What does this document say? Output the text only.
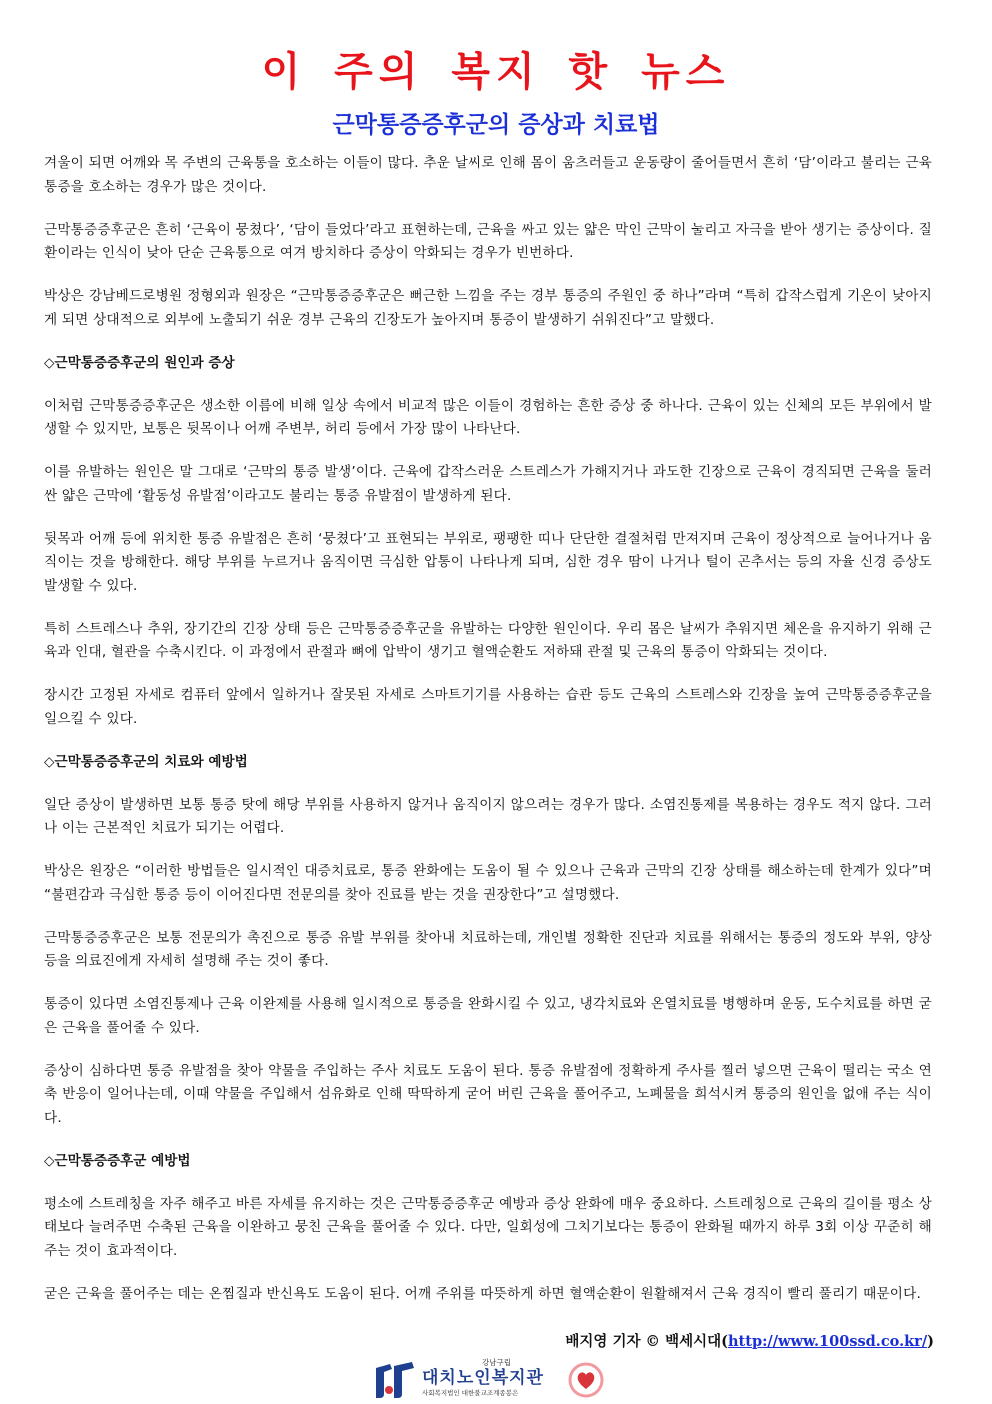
이 주의 복지 핫 뉴스
근막통증증후군의 증상과 치료법

겨울이 되면 어깨와 목 주변의 근육통을 호소하는 이들이 많다. 추운 날씨로 인해 몸이 움츠러들고 운동량이 줄어들면서 흔히 ‘담’이라고 불리는 근육 통증을 호소하는 경우가 많은 것이다.

근막통증증후군은 흔히 ‘근육이 뭉쳤다’, ‘담이 들었다’라고 표현하는데, 근육을 싸고 있는 얇은 막인 근막이 눌리고 자극을 받아 생기는 증상이다. 질환이라는 인식이 낮아 단순 근육통으로 여겨 방치하다 증상이 악화되는 경우가 빈번하다.

박상은 강남베드로병원 정형외과 원장은 “근막통증증후군은 뻐근한 느낌을 주는 경부 통증의 주원인 중 하나”라며 “특히 갑작스럽게 기온이 낮아지게 되면 상대적으로 외부에 노출되기 쉬운 경부 근육의 긴장도가 높아지며 통증이 발생하기 쉬워진다”고 말했다.

◇근막통증증후군의 원인과 증상

이처럼 근막통증증후군은 생소한 이름에 비해 일상 속에서 비교적 많은 이들이 경험하는 흔한 증상 중 하나다. 근육이 있는 신체의 모든 부위에서 발생할 수 있지만, 보통은 뒷목이나 어깨 주변부, 허리 등에서 가장 많이 나타난다.

이를 유발하는 원인은 말 그대로 ‘근막의 통증 발생’이다. 근육에 갑작스러운 스트레스가 가해지거나 과도한 긴장으로 근육이 경직되면 근육을 둘러싼 얇은 근막에 ‘활동성 유발점’이라고도 불리는 통증 유발점이 발생하게 된다.

뒷목과 어깨 등에 위치한 통증 유발점은 흔히 ‘뭉쳤다’고 표현되는 부위로, 팽팽한 띠나 단단한 결절처럼 만져지며 근육이 정상적으로 늘어나거나 움직이는 것을 방해한다. 해당 부위를 누르거나 움직이면 극심한 압통이 나타나게 되며, 심한 경우 땀이 나거나 털이 곤추서는 등의 자율 신경 증상도 발생할 수 있다.

특히 스트레스나 추위, 장기간의 긴장 상태 등은 근막통증증후군을 유발하는 다양한 원인이다. 우리 몸은 날씨가 추워지면 체온을 유지하기 위해 근육과 인대, 혈관을 수축시킨다. 이 과정에서 관절과 뼈에 압박이 생기고 혈액순환도 저하돼 관절 및 근육의 통증이 악화되는 것이다.

장시간 고정된 자세로 컴퓨터 앞에서 일하거나 잘못된 자세로 스마트기기를 사용하는 습관 등도 근육의 스트레스와 긴장을 높여 근막통증증후군을 일으킬 수 있다.

◇근막통증증후군의 치료와 예방법

일단 증상이 발생하면 보통 통증 탓에 해당 부위를 사용하지 않거나 움직이지 않으려는 경우가 많다. 소염진통제를 복용하는 경우도 적지 않다. 그러나 이는 근본적인 치료가 되기는 어렵다.

박상은 원장은 “이러한 방법들은 일시적인 대증치료로, 통증 완화에는 도움이 될 수 있으나 근육과 근막의 긴장 상태를 해소하는데 한계가 있다”며 “불편감과 극심한 통증 등이 이어진다면 전문의를 찾아 진료를 받는 것을 권장한다”고 설명했다.

근막통증증후군은 보통 전문의가 촉진으로 통증 유발 부위를 찾아내 치료하는데, 개인별 정확한 진단과 치료를 위해서는 통증의 정도와 부위, 양상 등을 의료진에게 자세히 설명해 주는 것이 좋다.

통증이 있다면 소염진통제나 근육 이완제를 사용해 일시적으로 통증을 완화시킬 수 있고, 냉각치료와 온열치료를 병행하며 운동, 도수치료를 하면 굳은 근육을 풀어줄 수 있다.

증상이 심하다면 통증 유발점을 찾아 약물을 주입하는 주사 치료도 도움이 된다. 통증 유발점에 정확하게 주사를 찔러 넣으면 근육이 떨리는 국소 연축 반응이 일어나는데, 이때 약물을 주입해서 섬유화로 인해 딱딱하게 굳어 버린 근육을 풀어주고, 노폐물을 희석시켜 통증의 원인을 없애 주는 식이다.

◇근막통증증후군 예방법

평소에 스트레칭을 자주 해주고 바른 자세를 유지하는 것은 근막통증증후군 예방과 증상 완화에 매우 중요하다. 스트레칭으로 근육의 길이를 평소 상태보다 늘려주면 수축된 근육을 이완하고 뭉친 근육을 풀어줄 수 있다. 다만, 일회성에 그치기보다는 통증이 완화될 때까지 하루 3회 이상 꾸준히 해주는 것이 효과적이다.

굳은 근육을 풀어주는 데는 온찜질과 반신욕도 도움이 된다. 어깨 주위를 따뜻하게 하면 혈액순환이 원활해져서 근육 경직이 빨리 풀리기 때문이다.

배지영 기자 © 백세시대(http://www.100ssd.co.kr/)
강남구립
대치노인복지관
사회복지법인 대한불교조계종봉은
